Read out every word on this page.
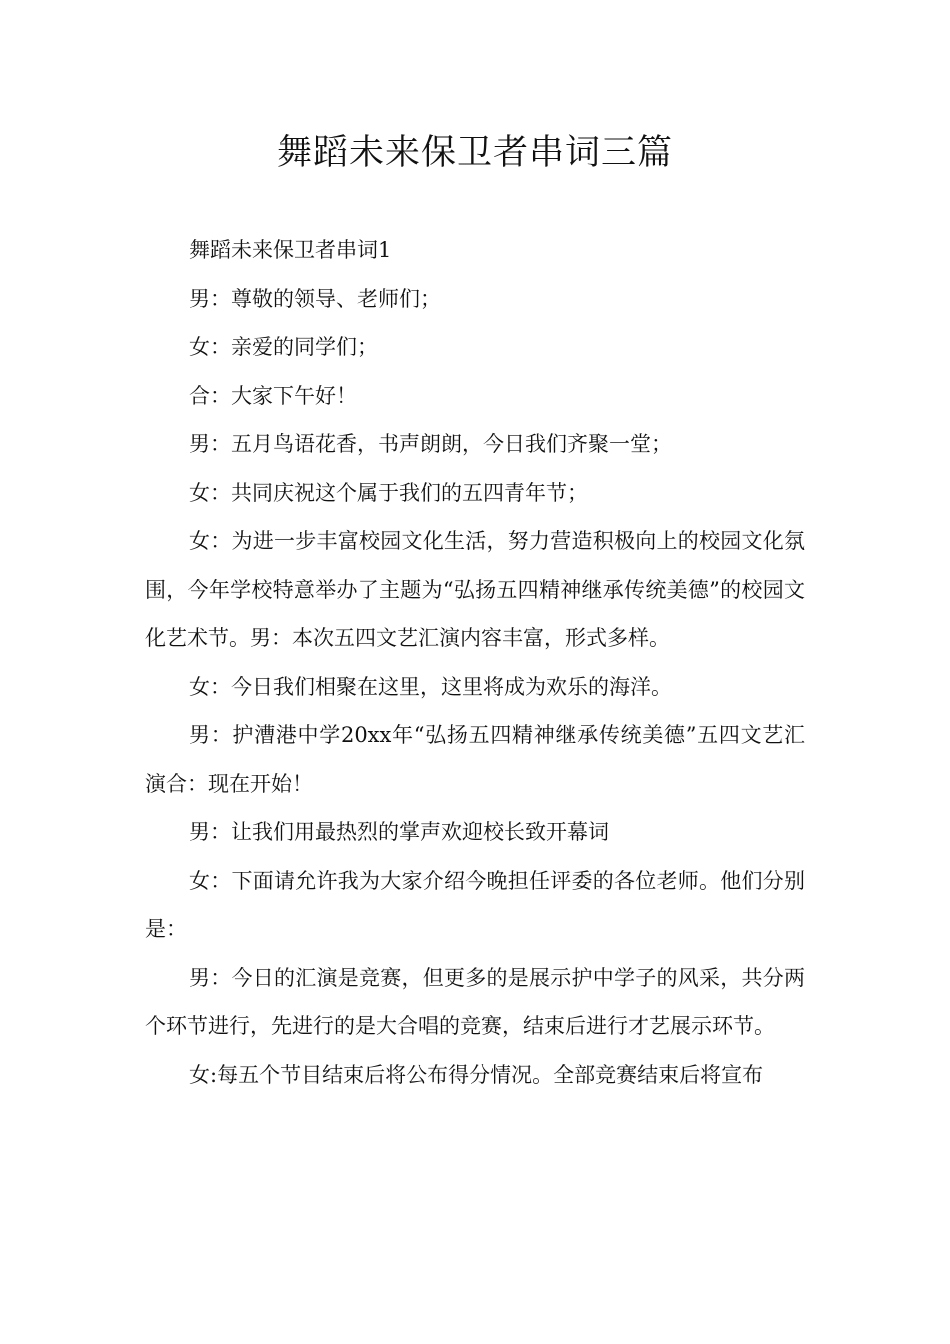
舞蹈未来保卫者串词三篇

舞蹈未来保卫者串词1

男：尊敬的领导、老师们；

女：亲爱的同学们；

合：大家下午好！

男：五月鸟语花香，书声朗朗，今日我们齐聚一堂；

女：共同庆祝这个属于我们的五四青年节；

女：为进一步丰富校园文化生活，努力营造积极向上的校园文化氛围，今年学校特意举办了主题为“弘扬五四精神继承传统美德”的校园文化艺术节。男：本次五四文艺汇演内容丰富，形式多样。

女：今日我们相聚在这里，这里将成为欢乐的海洋。

男：护漕港中学20xx年“弘扬五四精神继承传统美德”五四文艺汇演合：现在开始！

男：让我们用最热烈的掌声欢迎校长致开幕词

女：下面请允许我为大家介绍今晚担任评委的各位老师。他们分别是：

男：今日的汇演是竞赛，但更多的是展示护中学子的风采，共分两个环节进行，先进行的是大合唱的竞赛，结束后进行才艺展示环节。

女:每五个节目结束后将公布得分情况。全部竞赛结束后将宣布
